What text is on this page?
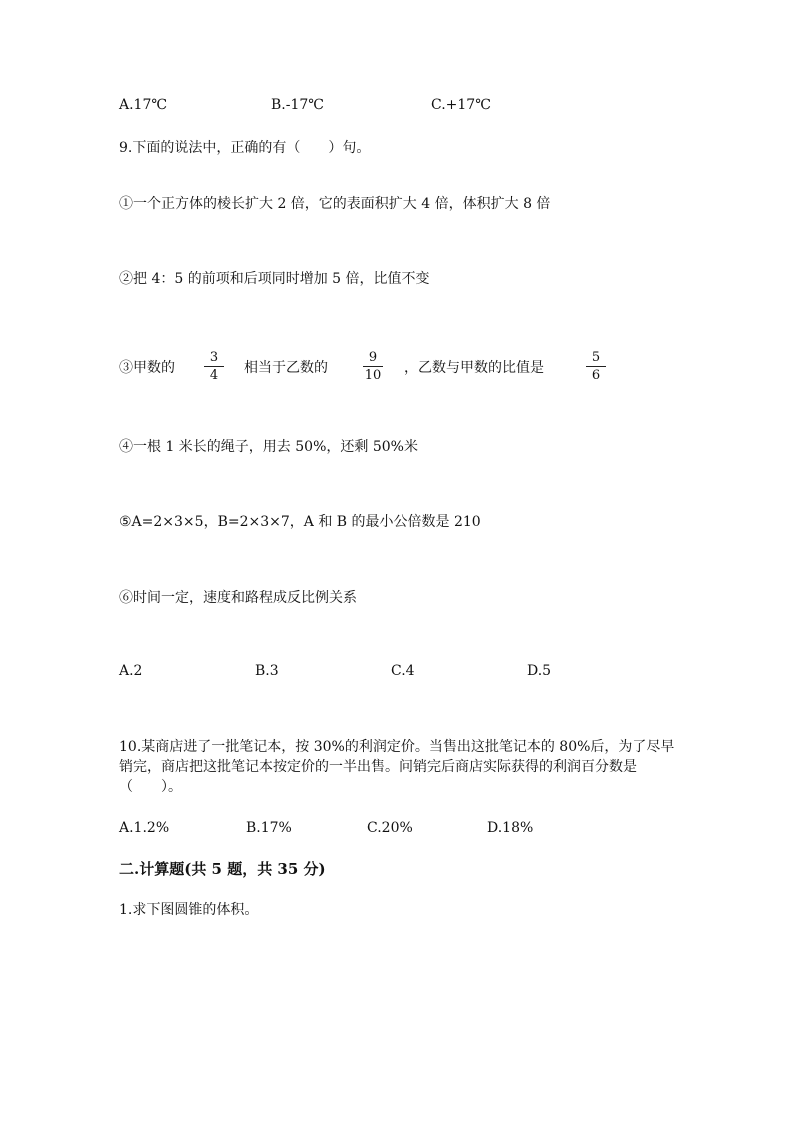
A.17℃	B.-17℃	C.+17℃
9.下面的说法中，正确的有（　　）句。
①一个正方体的棱长扩大 2 倍，它的表面积扩大 4 倍，体积扩大 8 倍
②把 4：5 的前项和后项同时增加 5 倍，比值不变
③甲数的
3
4	相当于乙数的
9
10 ，乙数与甲数的比值是
5
6
④一根 1 米长的绳子，用去 50%，还剩 50%米
⑤A=2×3×5，B=2×3×7，A 和 B 的最小公倍数是 210
⑥时间一定，速度和路程成反比例关系
A.2	B.3	C.4	D.5
10.某商店进了一批笔记本，按 30%的利润定价。当售出这批笔记本的 80%后，为了尽早销完，商店把这批笔记本按定价的一半出售。问销完后商店实际获得的利润百分数是（　　）。
A.1.2%	B.17%	C.20%	D.18%
二.计算题(共 5 题，共 35 分)
1.求下图圆锥的体积。
